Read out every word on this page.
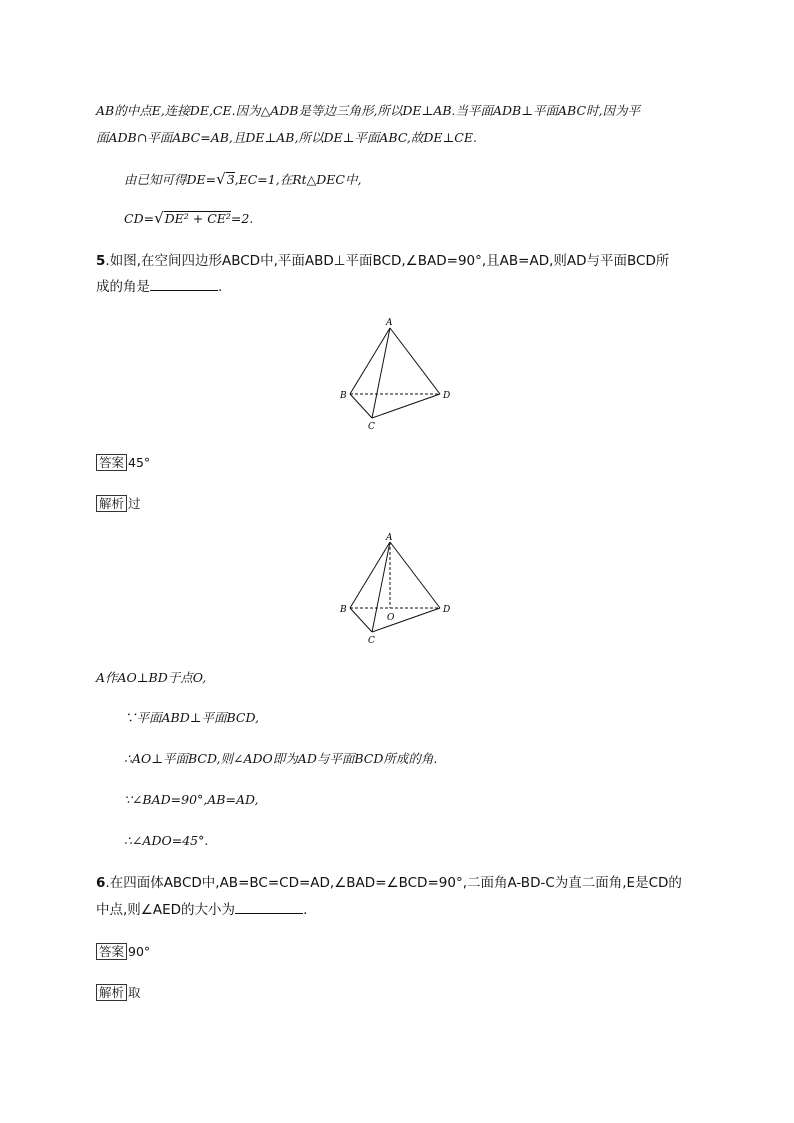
AB的中点E,连接DE,CE.因为△ADB是等边三角形,所以DE⊥AB.当平面ADB⊥平面ABC时,因为平
面ADB∩平面ABC=AB,且DE⊥AB,所以DE⊥平面ABC,故DE⊥CE.
由已知可得DE=√3,EC=1,在Rt△DEC中,
CD=√DE² + CE²=2.
5.如图,在空间四边形ABCD中,平面ABD⊥平面BCD,∠BAD=90°,且AB=AD,则AD与平面BCD所
成的角是	.
A
B
C
D
答案 45°
解析 过
A
B
C
D
O
A作AO⊥BD于点O,
∵平面ABD⊥平面BCD,
∴AO⊥平面BCD,则∠ADO即为AD与平面BCD所成的角.
∵∠BAD=90°,AB=AD,
∴∠ADO=45°.
6.在四面体ABCD中,AB=BC=CD=AD,∠BAD=∠BCD=90°,二面角A-BD-C为直二面角,E是CD的
中点,则∠AED的大小为	.
答案 90°
解析 取
